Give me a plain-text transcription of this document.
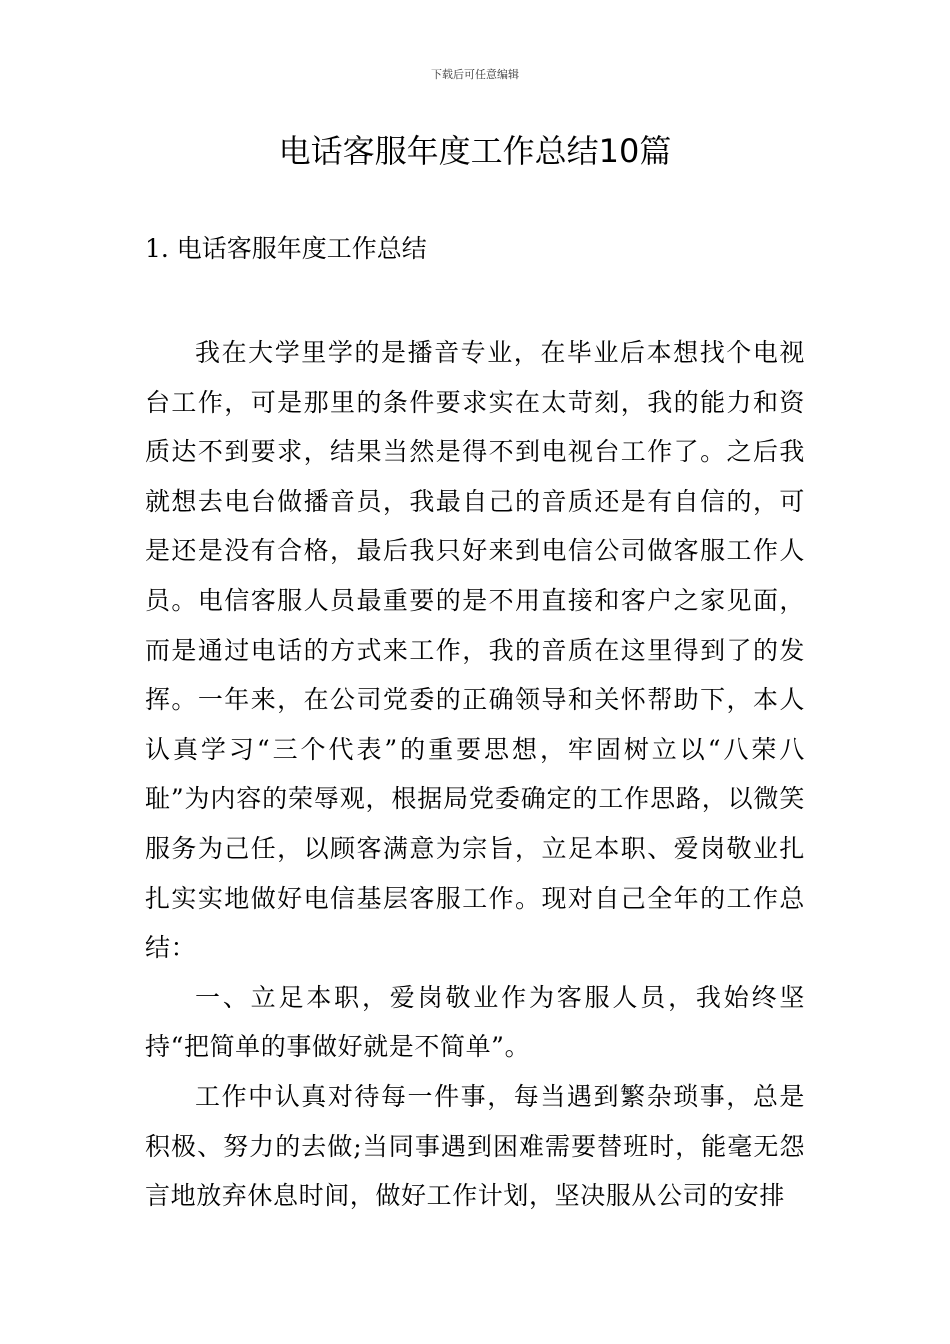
下载后可任意编辑
电话客服年度工作总结10篇
1. 电话客服年度工作总结

我在大学里学的是播音专业，在毕业后本想找个电视台工作，可是那里的条件要求实在太苛刻，我的能力和资质达不到要求，结果当然是得不到电视台工作了。之后我就想去电台做播音员，我最自己的音质还是有自信的，可是还是没有合格，最后我只好来到电信公司做客服工作人员。电信客服人员最重要的是不用直接和客户之家见面，而是通过电话的方式来工作，我的音质在这里得到了的发挥。一年来，在公司党委的正确领导和关怀帮助下，本人认真学习“三个代表”的重要思想，牢固树立以“八荣八耻”为内容的荣辱观，根据局党委确定的工作思路，以微笑服务为己任，以顾客满意为宗旨，立足本职、爱岗敬业扎扎实实地做好电信基层客服工作。现对自己全年的工作总结：

一、立足本职，爱岗敬业作为客服人员，我始终坚持“把简单的事做好就是不简单”。

工作中认真对待每一件事，每当遇到繁杂琐事，总是积极、努力的去做;当同事遇到困难需要替班时，能毫无怨言地放弃休息时间，做好工作计划，坚决服从公司的安排
